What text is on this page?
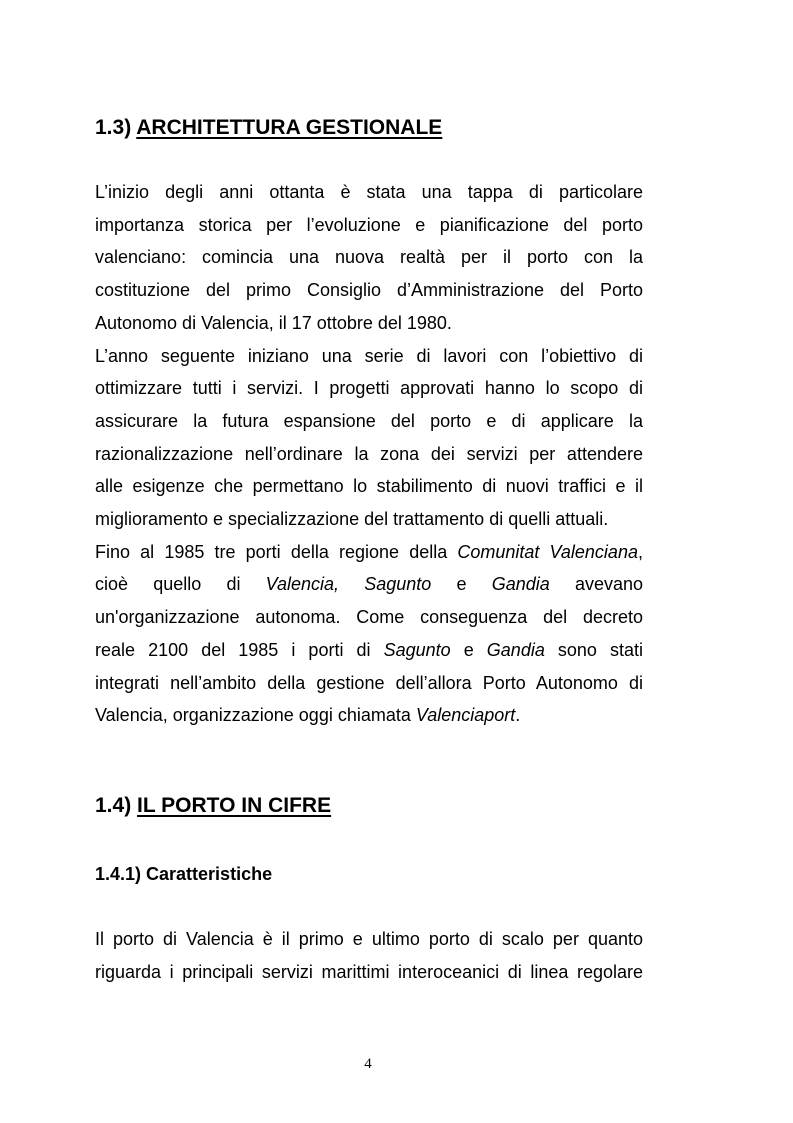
1.3) ARCHITETTURA GESTIONALE
L’inizio degli anni ottanta è stata una tappa di particolare
importanza storica per l’evoluzione e pianificazione del porto
valenciano: comincia una nuova realtà per il porto con la
costituzione del primo Consiglio d’Amministrazione del Porto
Autonomo di Valencia, il 17 ottobre del 1980.
L’anno seguente iniziano una serie di lavori con l’obiettivo di
ottimizzare tutti i servizi. I progetti approvati hanno lo scopo di
assicurare la futura espansione del porto e di applicare la
razionalizzazione nell’ordinare la zona dei servizi per attendere
alle esigenze che permettano lo stabilimento di nuovi traffici e il
miglioramento e specializzazione del trattamento di quelli attuali.
Fino al 1985 tre porti della regione della Comunitat Valenciana,
cioè quello di Valencia, Sagunto e Gandia avevano
un'organizzazione autonoma. Come conseguenza del decreto
reale 2100 del 1985 i porti di Sagunto e Gandia sono stati
integrati nell’ambito della gestione dell’allora Porto Autonomo di
Valencia, organizzazione oggi chiamata Valenciaport.
1.4) IL PORTO IN CIFRE
1.4.1) Caratteristiche
Il porto di Valencia è il primo e ultimo porto di scalo per quanto
riguarda i principali servizi marittimi interoceanici di linea regolare
4
